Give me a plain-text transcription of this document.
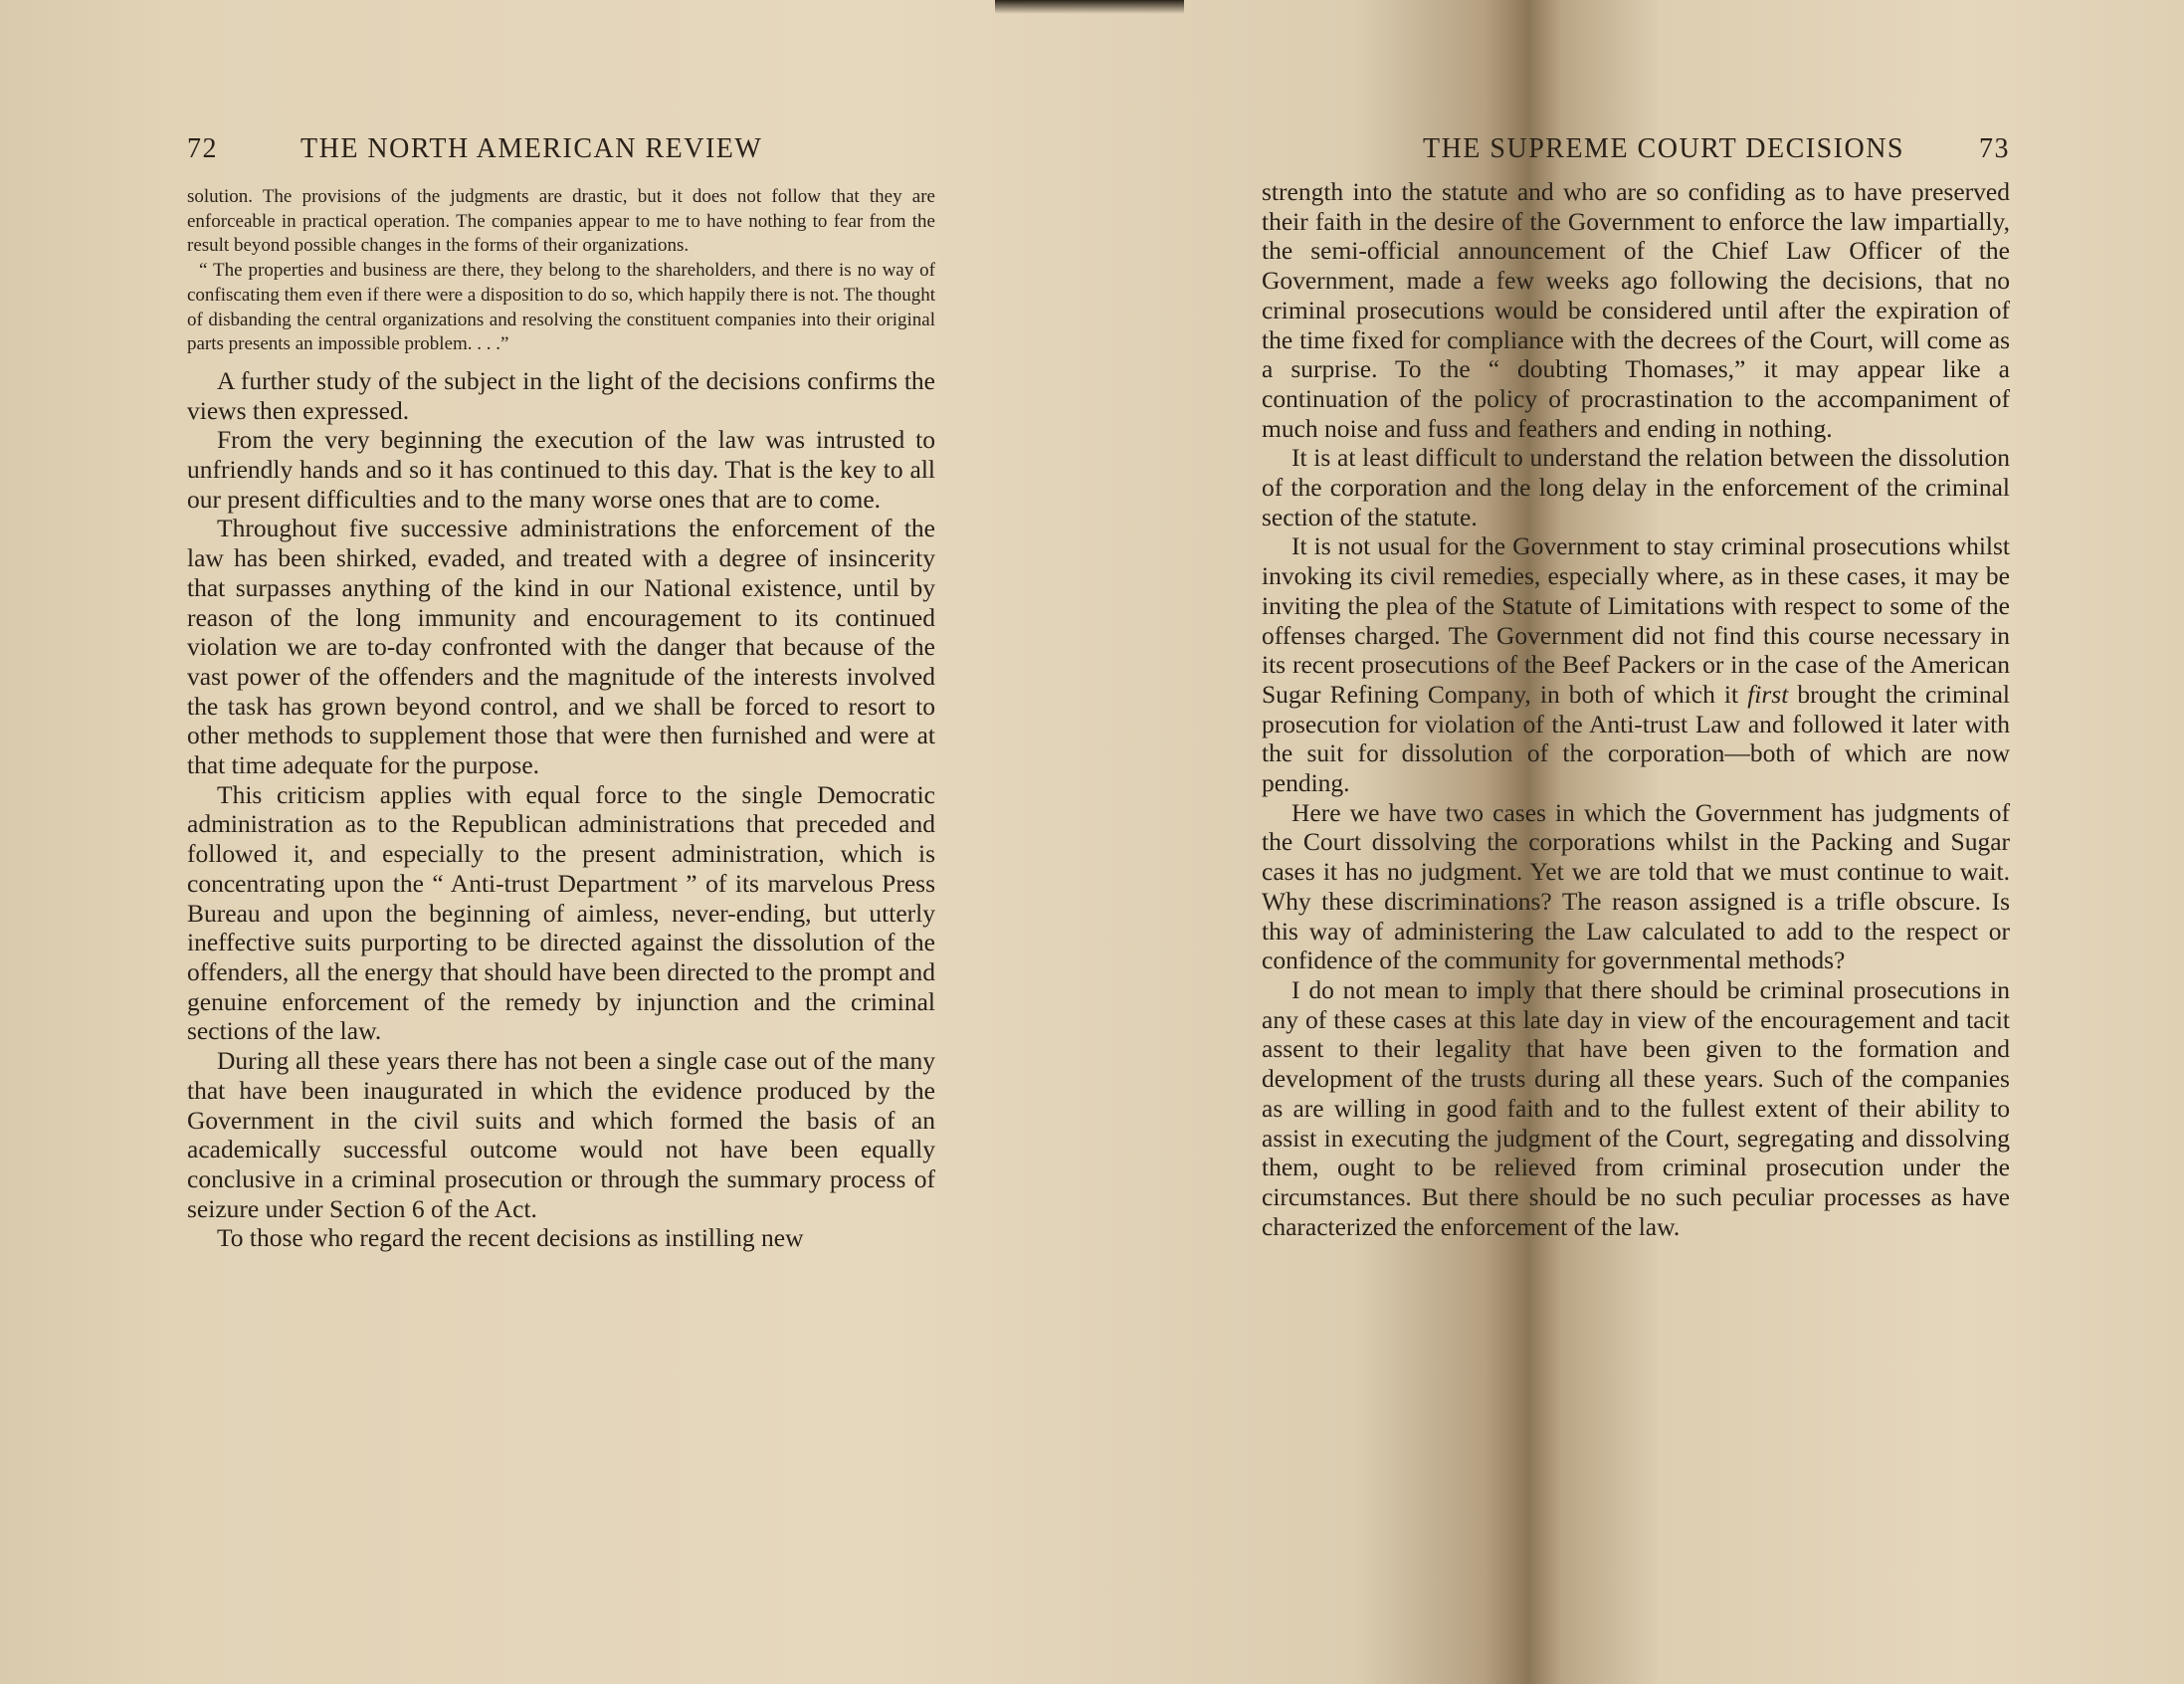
72	THE NORTH AMERICAN REVIEW

solution. The provisions of the judgments are drastic, but it does not follow that they are enforceable in practical operation. The companies appear to me to have nothing to fear from the result beyond possible changes in the forms of their organizations.

“ The properties and business are there, they belong to the shareholders, and there is no way of confiscating them even if there were a disposition to do so, which happily there is not. The thought of disbanding the central organizations and resolving the constituent companies into their original parts presents an impossible problem. . . .”

A further study of the subject in the light of the decisions confirms the views then expressed.

From the very beginning the execution of the law was intrusted to unfriendly hands and so it has continued to this day. That is the key to all our present difficulties and to the many worse ones that are to come.

Throughout five successive administrations the enforcement of the law has been shirked, evaded, and treated with a degree of insincerity that surpasses anything of the kind in our National existence, until by reason of the long immunity and encouragement to its continued violation we are to-day confronted with the danger that because of the vast power of the offenders and the magnitude of the interests involved the task has grown beyond control, and we shall be forced to resort to other methods to supplement those that were then furnished and were at that time adequate for the purpose.

This criticism applies with equal force to the single Democratic administration as to the Republican administrations that preceded and followed it, and especially to the present administration, which is concentrating upon the “ Anti-trust Department ” of its marvelous Press Bureau and upon the beginning of aimless, never-ending, but utterly ineffective suits purporting to be directed against the dissolution of the offenders, all the energy that should have been directed to the prompt and genuine enforcement of the remedy by injunction and the criminal sections of the law.

During all these years there has not been a single case out of the many that have been inaugurated in which the evidence produced by the Government in the civil suits and which formed the basis of an academically successful outcome would not have been equally conclusive in a criminal prosecution or through the summary process of seizure under Section 6 of the Act.

To those who regard the recent decisions as instilling new

THE SUPREME COURT DECISIONS	73

strength into the statute and who are so confiding as to have preserved their faith in the desire of the Government to enforce the law impartially, the semi-official announcement of the Chief Law Officer of the Government, made a few weeks ago following the decisions, that no criminal prosecutions would be considered until after the expiration of the time fixed for compliance with the decrees of the Court, will come as a surprise. To the “ doubting Thomases,” it may appear like a continuation of the policy of procrastination to the accompaniment of much noise and fuss and feathers and ending in nothing.

It is at least difficult to understand the relation between the dissolution of the corporation and the long delay in the enforcement of the criminal section of the statute.

It is not usual for the Government to stay criminal prosecutions whilst invoking its civil remedies, especially where, as in these cases, it may be inviting the plea of the Statute of Limitations with respect to some of the offenses charged. The Government did not find this course necessary in its recent prosecutions of the Beef Packers or in the case of the American Sugar Refining Company, in both of which it first brought the criminal prosecution for violation of the Anti-trust Law and followed it later with the suit for dissolution of the corporation—both of which are now pending.

Here we have two cases in which the Government has judgments of the Court dissolving the corporations whilst in the Packing and Sugar cases it has no judgment. Yet we are told that we must continue to wait. Why these discriminations? The reason assigned is a trifle obscure. Is this way of administering the Law calculated to add to the respect or confidence of the community for governmental methods?

I do not mean to imply that there should be criminal prosecutions in any of these cases at this late day in view of the encouragement and tacit assent to their legality that have been given to the formation and development of the trusts during all these years. Such of the companies as are willing in good faith and to the fullest extent of their ability to assist in executing the judgment of the Court, segregating and dissolving them, ought to be relieved from criminal prosecution under the circumstances. But there should be no such peculiar processes as have characterized the enforcement of the law.
